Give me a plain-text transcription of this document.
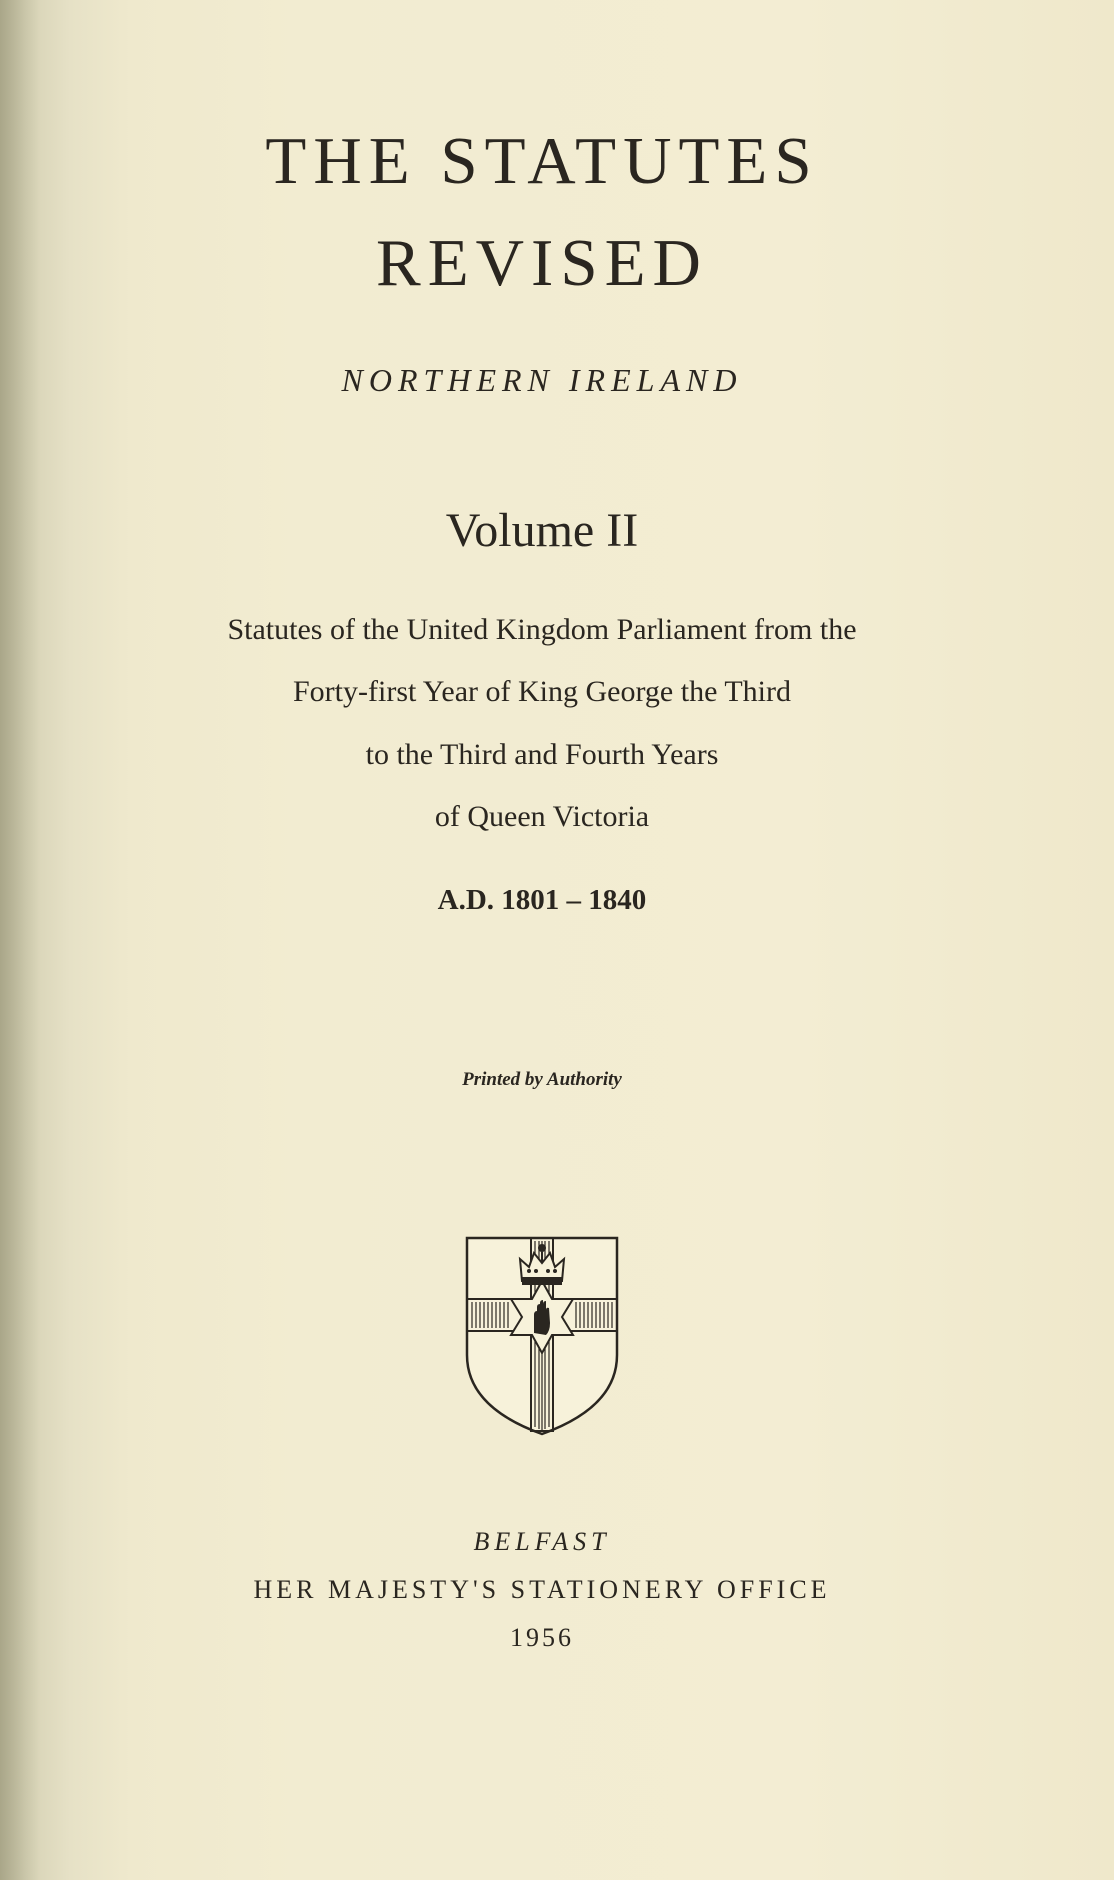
THE STATUTES
REVISED
NORTHERN IRELAND
Volume II
Statutes of the United Kingdom Parliament from the
Forty-first Year of King George the Third
to the Third and Fourth Years
of Queen Victoria
A.D. 1801 – 1840
Printed by Authority
BELFAST
HER MAJESTY'S STATIONERY OFFICE
1956
